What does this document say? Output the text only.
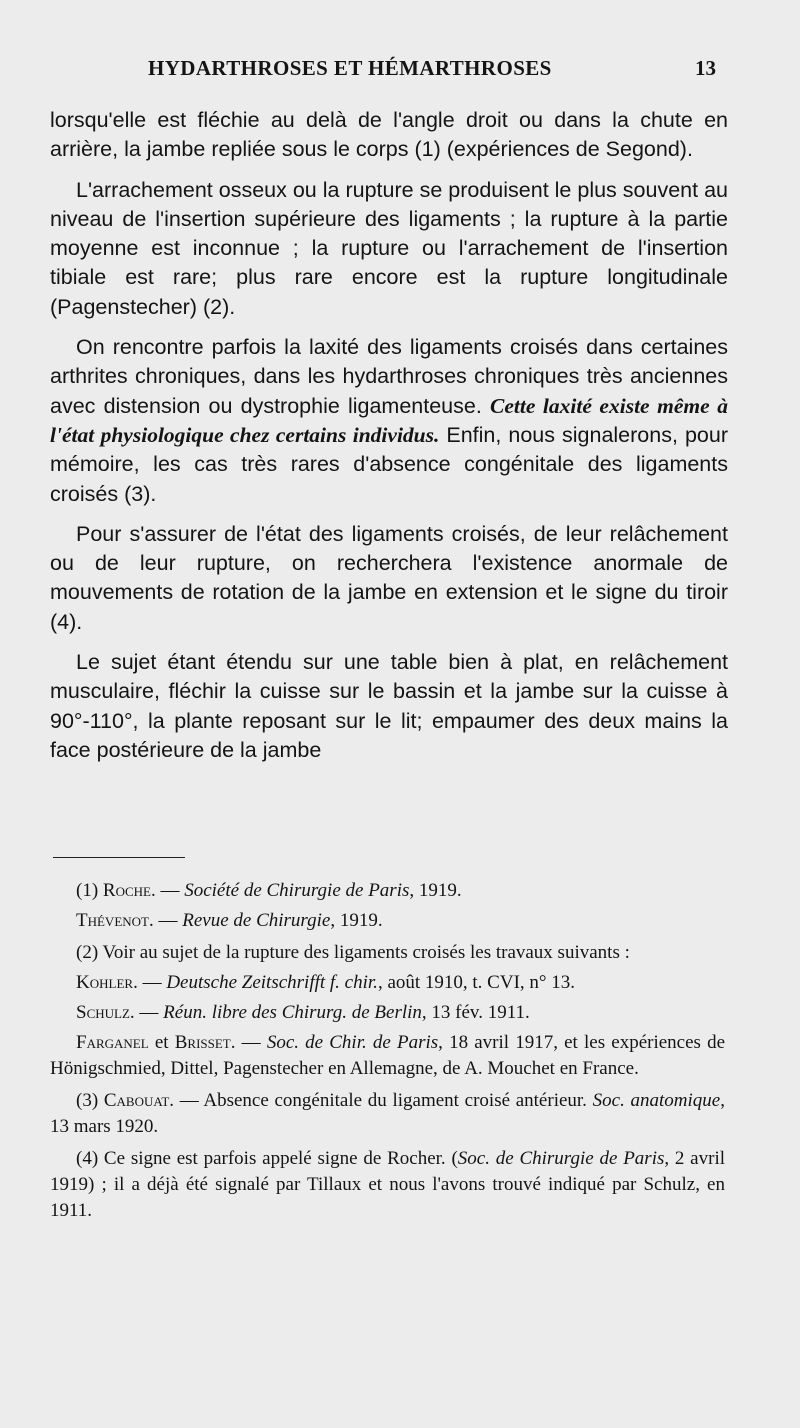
HYDARTHROSES ET HÉMARTHROSES	13

lorsqu'elle est fléchie au delà de l'angle droit ou dans la chute en arrière, la jambe repliée sous le corps (1) (expériences de Segond).

L'arrachement osseux ou la rupture se produisent le plus souvent au niveau de l'insertion supérieure des ligaments ; la rupture à la partie moyenne est inconnue ; la rupture ou l'arrachement de l'insertion tibiale est rare; plus rare encore est la rupture longitudinale (Pagenstecher) (2).

On rencontre parfois la laxité des ligaments croisés dans certaines arthrites chroniques, dans les hydarthroses chroniques très anciennes avec distension ou dystrophie ligamenteuse. Cette laxité existe même à l'état physiologique chez certains individus. Enfin, nous signalerons, pour mémoire, les cas très rares d'absence congénitale des ligaments croisés (3).

Pour s'assurer de l'état des ligaments croisés, de leur relâchement ou de leur rupture, on recherchera l'existence anormale de mouvements de rotation de la jambe en extension et le signe du tiroir (4).

Le sujet étant étendu sur une table bien à plat, en relâchement musculaire, fléchir la cuisse sur le bassin et la jambe sur la cuisse à 90°-110°, la plante reposant sur le lit; empaumer des deux mains la face postérieure de la jambe

(1) Roche. — Société de Chirurgie de Paris, 1919.

Thévenot. — Revue de Chirurgie, 1919.

(2) Voir au sujet de la rupture des ligaments croisés les travaux suivants :

Kohler. — Deutsche Zeitschrifft f. chir., août 1910, t. CVI, n° 13.

Schulz. — Réun. libre des Chirurg. de Berlin, 13 fév. 1911.

Farganel et Brisset. — Soc. de Chir. de Paris, 18 avril 1917, et les expériences de Hönigschmied, Dittel, Pagenstecher en Allemagne, de A. Mouchet en France.

(3) Cabouat. — Absence congénitale du ligament croisé antérieur. Soc. anatomique, 13 mars 1920.

(4) Ce signe est parfois appelé signe de Rocher. (Soc. de Chirurgie de Paris, 2 avril 1919) ; il a déjà été signalé par Tillaux et nous l'avons trouvé indiqué par Schulz, en 1911.
